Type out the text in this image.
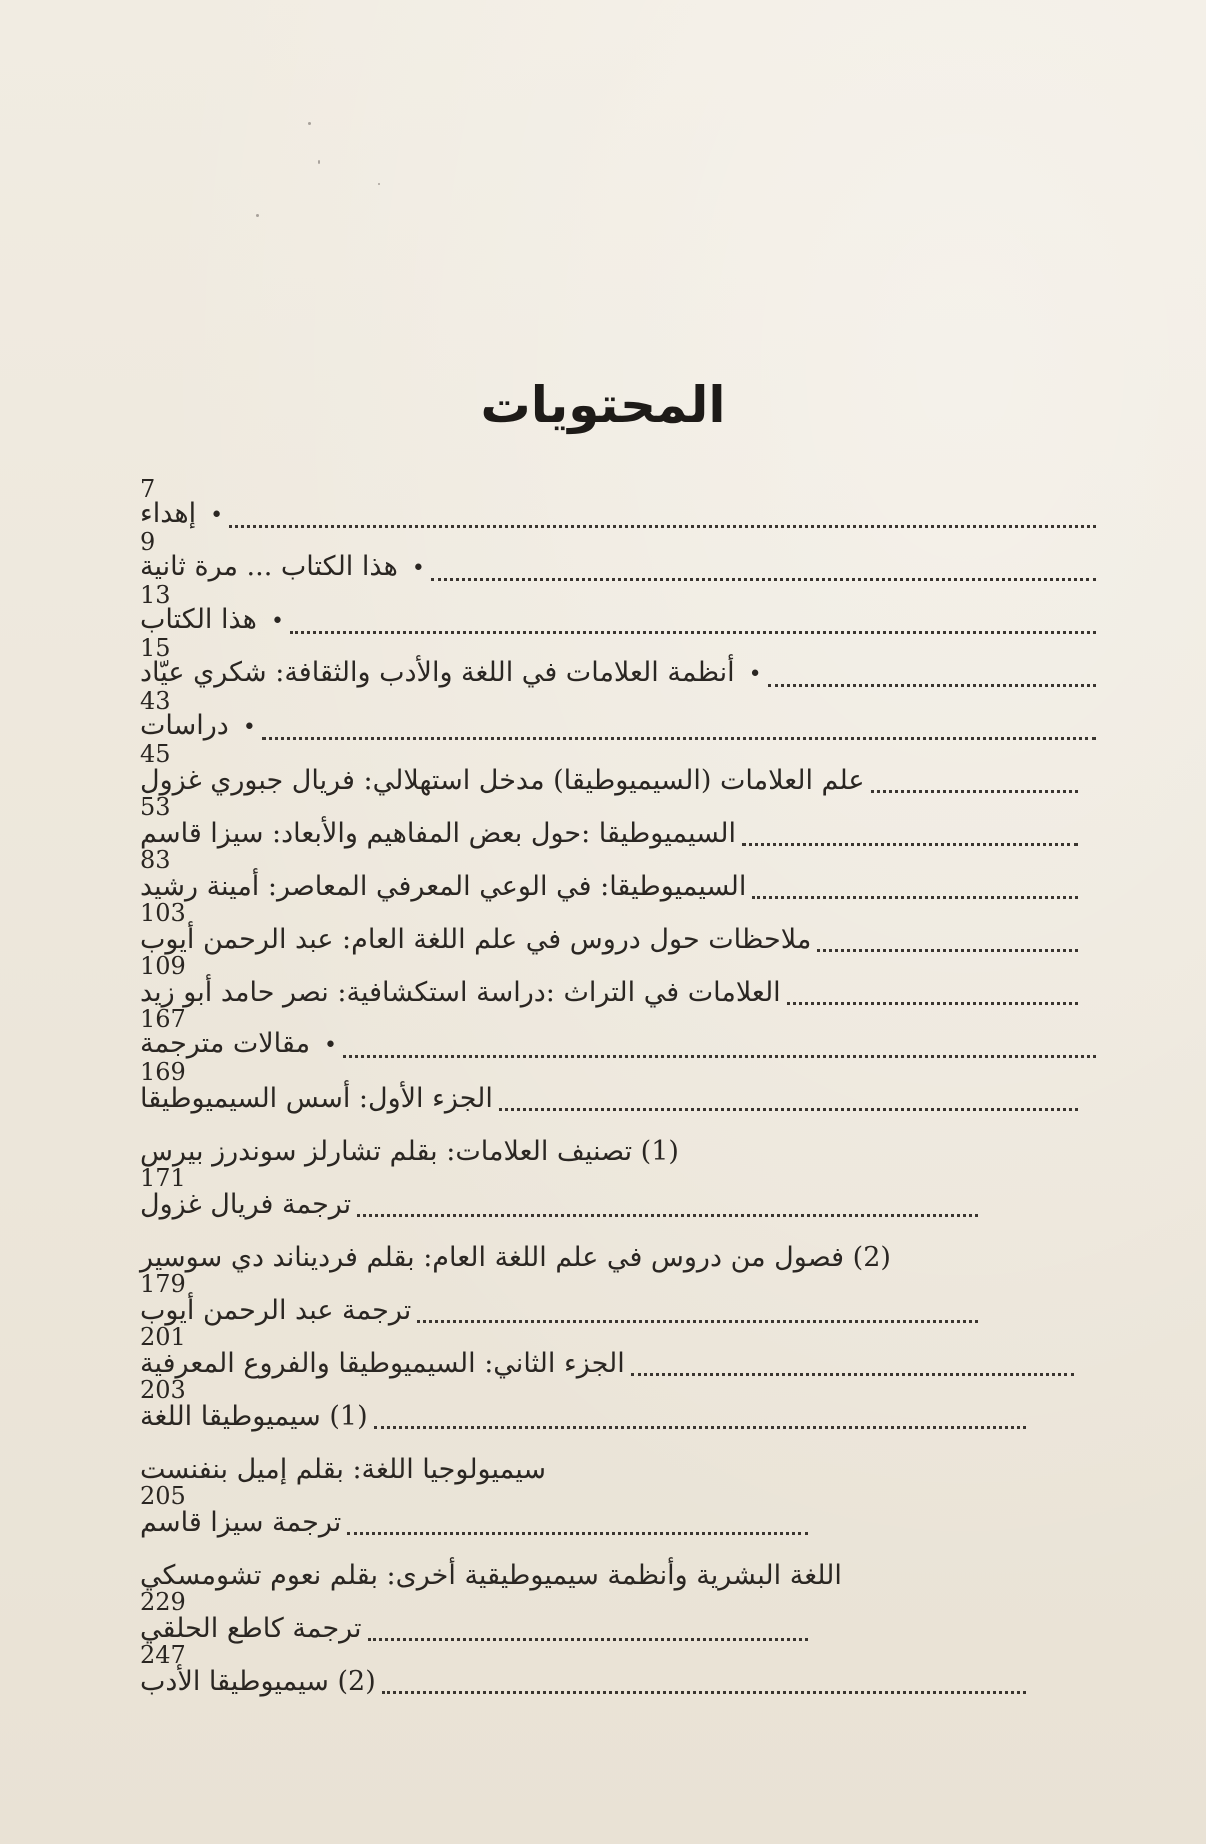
المحتويات
•إهداء
7
•هذا الكتاب ... مرة ثانية
9
•هذا الكتاب
13
•أنظمة العلامات في اللغة والأدب والثقافة: شكري عيّاد
15
•دراسات
43
علم العلامات (السيميوطيقا) مدخل استهلالي: فريال جبوري غزول
45
السيميوطيقا :حول بعض المفاهيم والأبعاد: سيزا قاسم
53
السيميوطيقا: في الوعي المعرفي المعاصر: أمينة رشيد
83
ملاحظات حول دروس في علم اللغة العام: عبد الرحمن أيوب
103
العلامات في التراث :دراسة استكشافية: نصر حامد أبو زيد
109
•مقالات مترجمة
167
الجزء الأول: أسس السيميوطيقا
169
(1) تصنيف العلامات: بقلم تشارلز سوندرز بيرس
ترجمة فريال غزول
171
(2) فصول من دروس في علم اللغة العام: بقلم فرديناند دي سوسير
ترجمة عبد الرحمن أيوب
179
الجزء الثاني: السيميوطيقا والفروع المعرفية
201
(1) سيميوطيقا اللغة
203
سيميولوجيا اللغة: بقلم إميل بنفنست
ترجمة سيزا قاسم
205
اللغة البشرية وأنظمة سيميوطيقية أخرى: بقلم نعوم تشومسكي
ترجمة كاطع الحلقي
229
(2) سيميوطيقا الأدب
247
